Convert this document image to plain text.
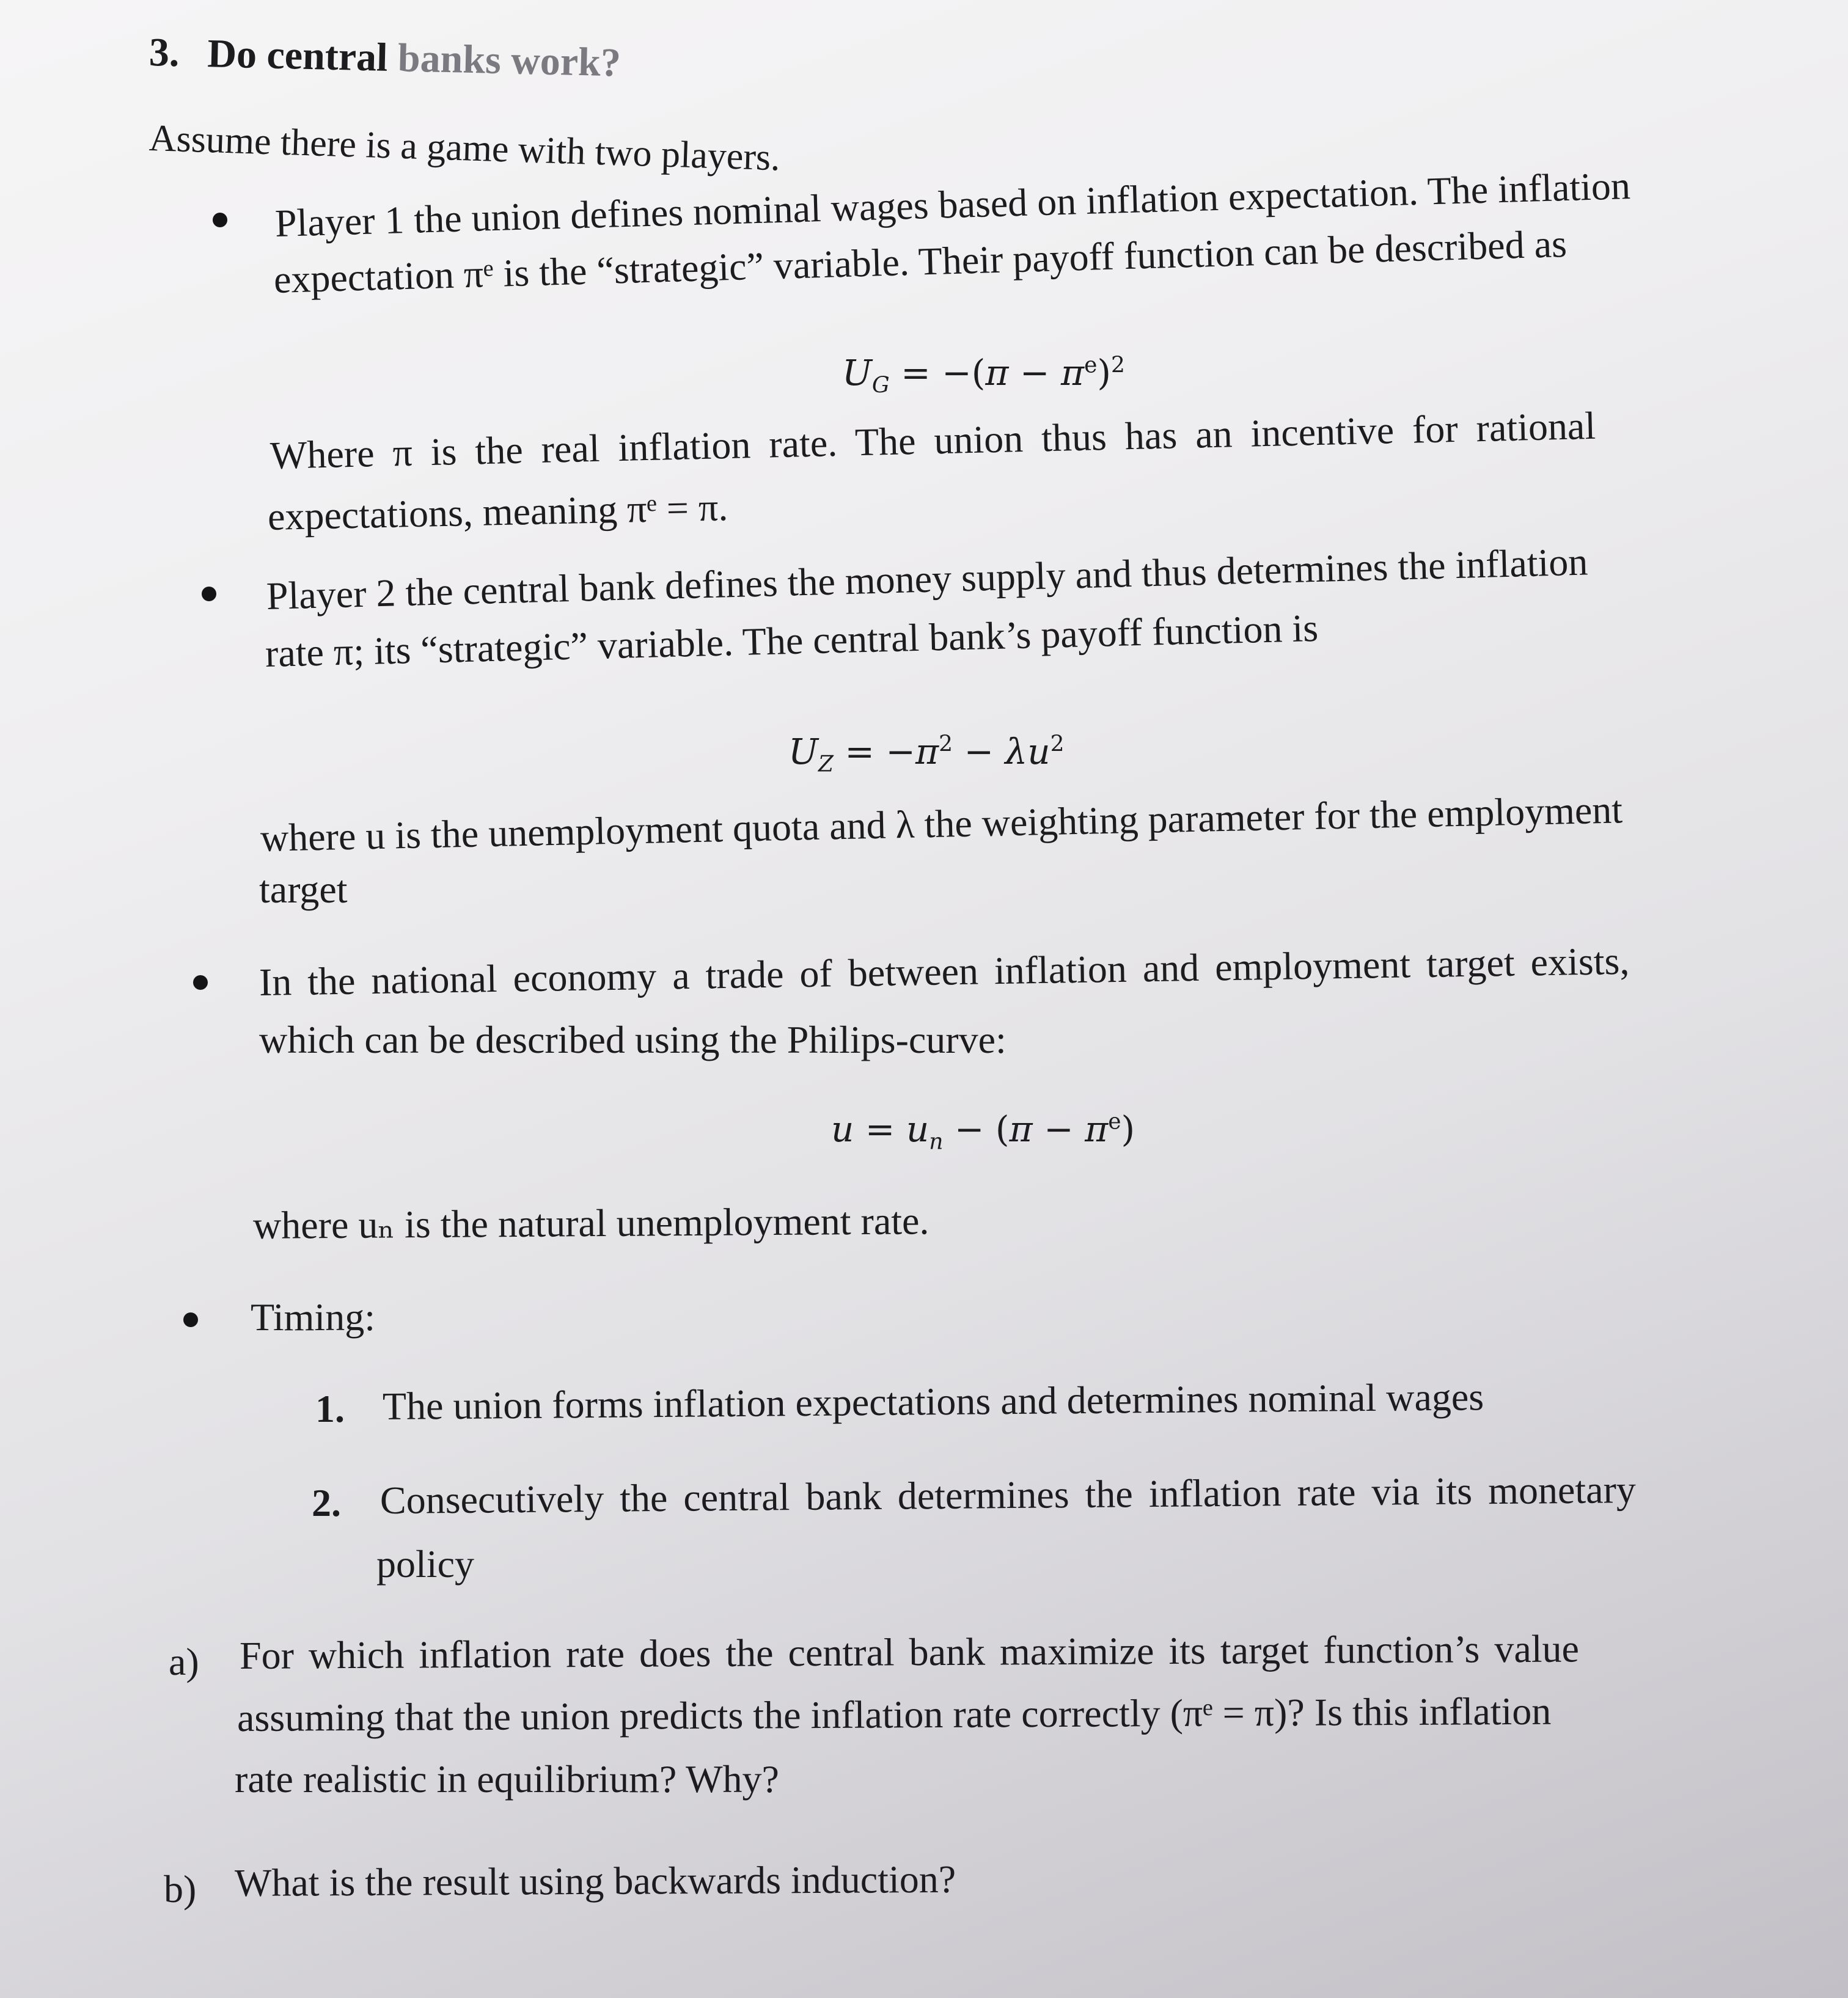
3. Do central banks work?
Assume there is a game with two players.
Player 1 the union defines nominal wages based on inflation expectation. The inflation
expectation πᵉ is the “strategic” variable. Their payoff function can be described as
$U_G = -(\pi - \pi^e)^2$
Where π is the real inflation rate. The union thus has an incentive for rational
expectations, meaning πᵉ = π.
Player 2 the central bank defines the money supply and thus determines the inflation
rate π; its “strategic” variable. The central bank’s payoff function is
$U_Z = -\pi^2 - \lambda u^2$
where u is the unemployment quota and λ the weighting parameter for the employment
target
In the national economy a trade of between inflation and employment target exists,
which can be described using the Philips-curve:
$u = u_n - (\pi - \pi^e)$
where uₙ is the natural unemployment rate.
Timing:
1. The union forms inflation expectations and determines nominal wages
2. Consecutively the central bank determines the inflation rate via its monetary
policy
a) For which inflation rate does the central bank maximize its target function’s value
assuming that the union predicts the inflation rate correctly (πᵉ = π)? Is this inflation
rate realistic in equilibrium? Why?
b) What is the result using backwards induction?
